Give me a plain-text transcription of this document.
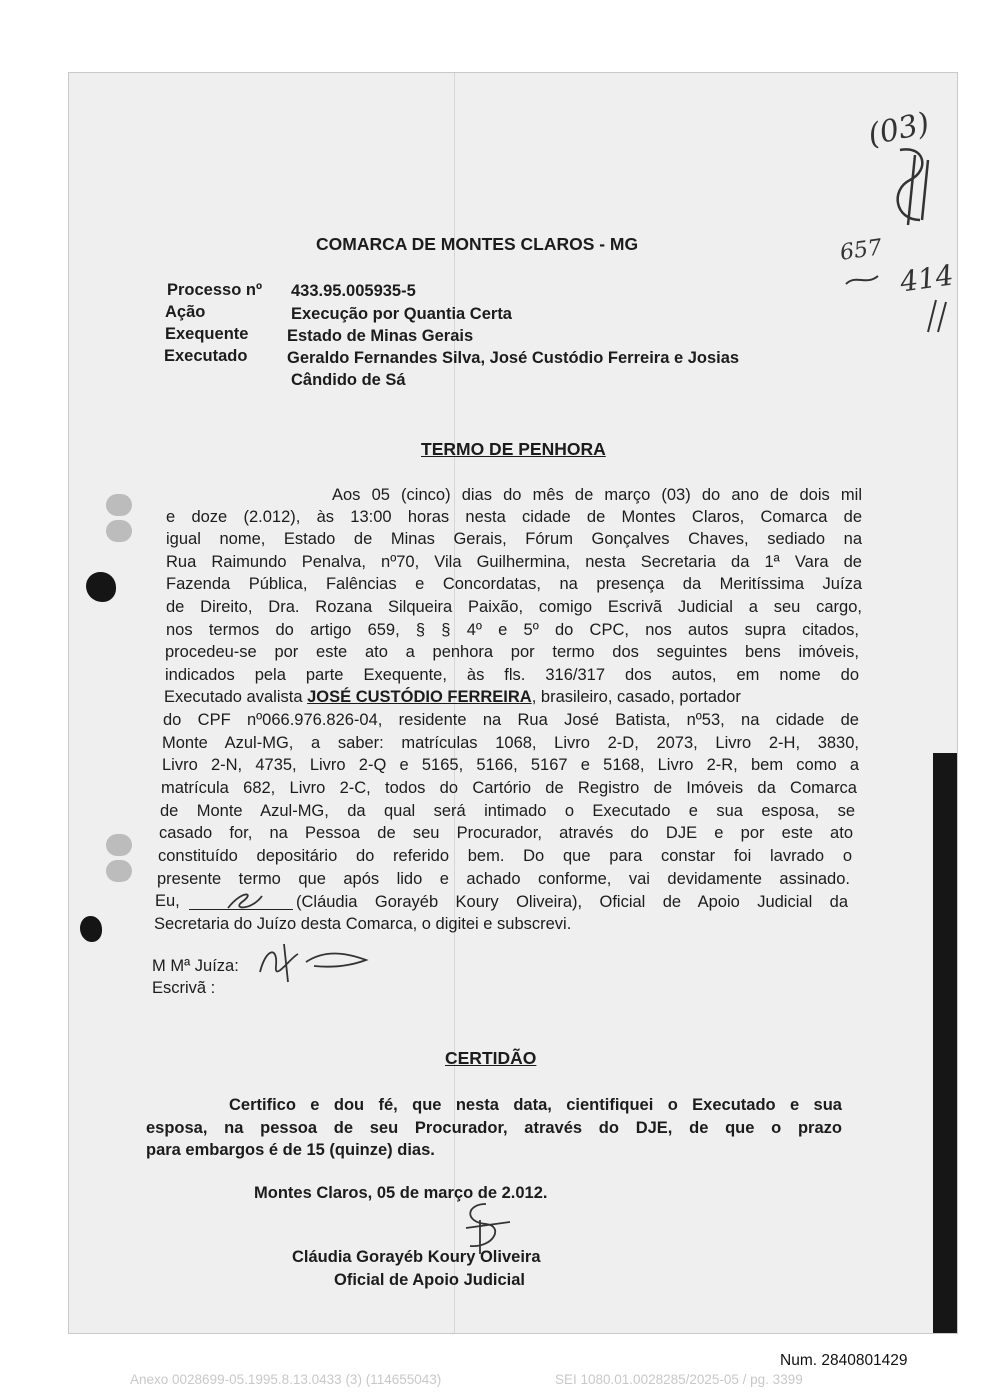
(03)
657
414
COMARCA DE MONTES CLAROS - MG
Processo nº 433.95.005935-5
Ação	Execução por Quantia Certa
Exequente Estado de Minas Gerais
Executado Geraldo Fernandes Silva, José Custódio Ferreira e Josias
Cândido de Sá
TERMO DE PENHORA
Aos 05 (cinco) dias do mês de março (03) do ano de dois mil
e doze (2.012), às 13:00 horas nesta cidade de Montes Claros, Comarca de
igual nome, Estado de Minas Gerais, Fórum Gonçalves Chaves, sediado na
Rua Raimundo Penalva, nº70, Vila Guilhermina, nesta Secretaria da 1ª Vara de
Fazenda Pública, Falências e Concordatas, na presença da Meritíssima Juíza
de Direito, Dra. Rozana Silqueira Paixão, comigo Escrivã Judicial a seu cargo,
nos termos do artigo 659, § § 4º e 5º do CPC, nos autos supra citados,
procedeu-se por este ato a penhora por termo dos seguintes bens imóveis,
indicados pela parte Exequente, às fls. 316/317 dos autos, em nome do
Executado avalista JOSÉ CUSTÓDIO FERREIRA, brasileiro, casado, portador
do CPF nº066.976.826-04, residente na Rua José Batista, nº53, na cidade de
Monte Azul-MG, a saber: matrículas 1068, Livro 2-D, 2073, Livro 2-H, 3830,
Livro 2-N, 4735, Livro 2-Q e 5165, 5166, 5167 e 5168, Livro 2-R, bem como a
matrícula 682, Livro 2-C, todos do Cartório de Registro de Imóveis da Comarca
de Monte Azul-MG, da qual será intimado o Executado e sua esposa, se
casado for, na Pessoa de seu Procurador, através do DJE e por este ato
constituído depositário do referido bem. Do que para constar foi lavrado o
presente termo que após lido e achado conforme, vai devidamente assinado.
Eu,	(Cláudia Gorayéb Koury Oliveira), Oficial de Apoio Judicial da
Secretaria do Juízo desta Comarca, o digitei e subscrevi.
M Mª Juíza:
Escrivã :
CERTIDÃO
Certifico e dou fé, que nesta data, cientifiquei o Executado e sua
esposa, na pessoa de seu Procurador, através do DJE, de que o prazo
para embargos é de 15 (quinze) dias.
Montes Claros, 05 de março de 2.012.
Cláudia Gorayéb Koury Oliveira
Oficial de Apoio Judicial
Num. 2840801429
Anexo 0028699-05.1995.8.13.0433 (3) (114655043)	SEI 1080.01.0028285/2025-05 / pg. 3399
